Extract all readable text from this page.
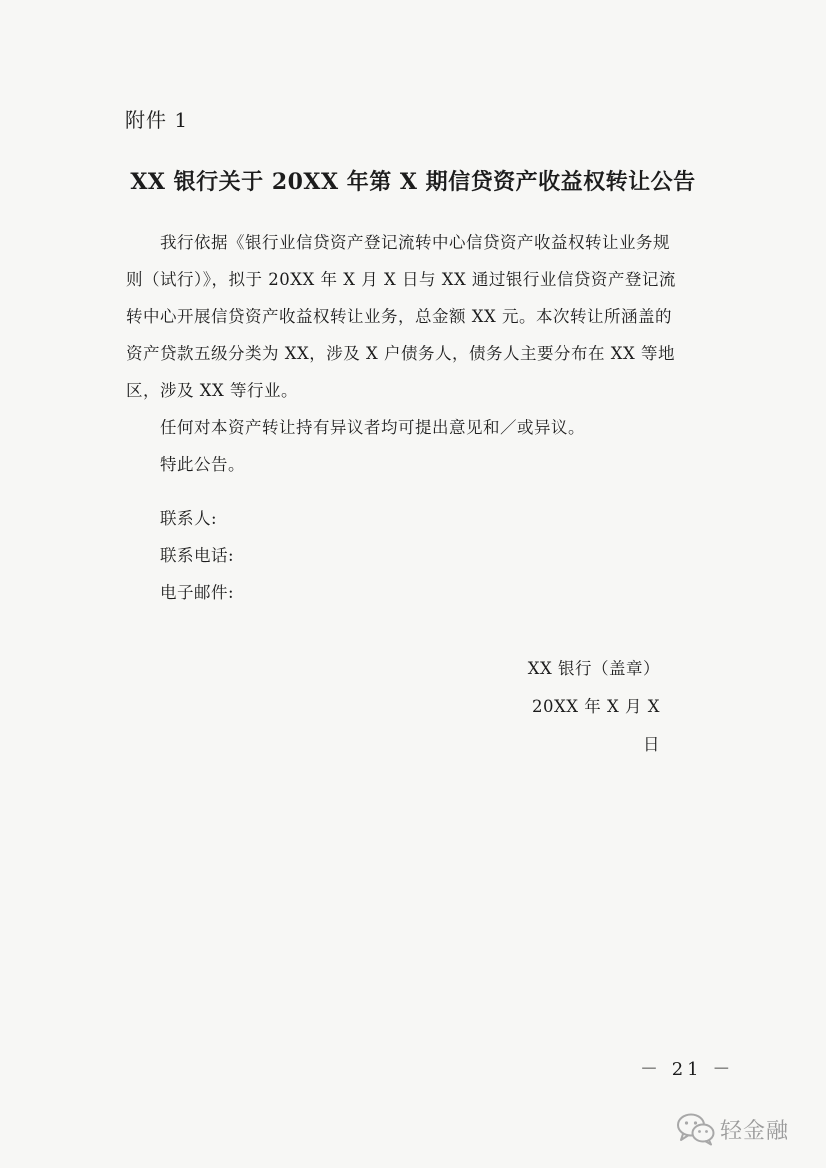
附件 1
XX 银行关于 20XX 年第 X 期信贷资产收益权转让公告

我行依据《银行业信贷资产登记流转中心信贷资产收益权转让业务规则（试行）》，拟于 20XX 年 X 月 X 日与 XX 通过银行业信贷资产登记流转中心开展信贷资产收益权转让业务，总金额 XX 元。本次转让所涵盖的资产贷款五级分类为 XX，涉及 X 户债务人，债务人主要分布在 XX 等地区，涉及 XX 等行业。

任何对本资产转让持有异议者均可提出意见和／或异议。

特此公告。

联系人:
联系电话:
电子邮件:
XX 银行（盖章）
20XX 年 X 月 X 日
－ 21 －
轻金融
